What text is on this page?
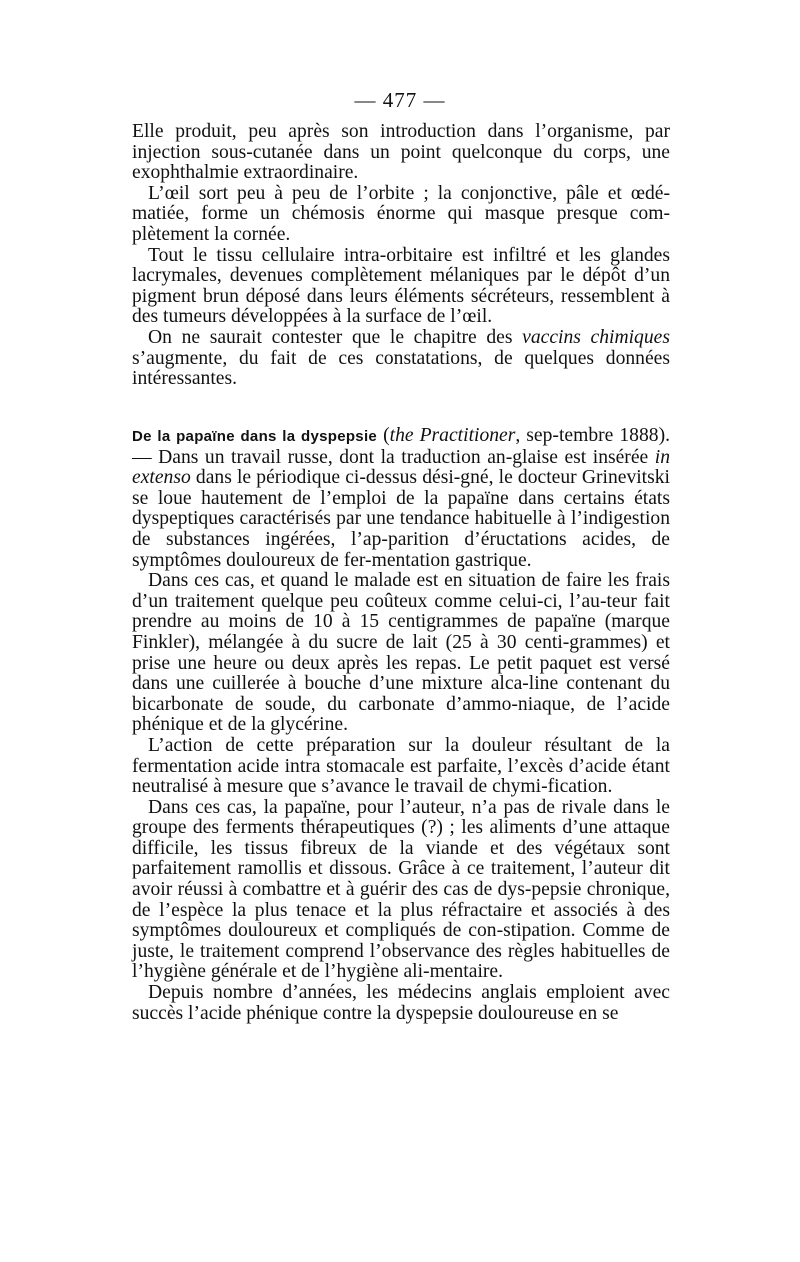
— 477 —

Elle produit, peu après son introduction dans l’organisme, par injection sous-cutanée dans un point quelconque du corps, une exophthalmie extraordinaire.

L’œil sort peu à peu de l’orbite ; la conjonctive, pâle et œdé-matiée, forme un chémosis énorme qui masque presque com-plètement la cornée.

Tout le tissu cellulaire intra-orbitaire est infiltré et les glandes lacrymales, devenues complètement mélaniques par le dépôt d’un pigment brun déposé dans leurs éléments sécréteurs, ressemblent à des tumeurs développées à la surface de l’œil.

On ne saurait contester que le chapitre des vaccins chimiques s’augmente, du fait de ces constatations, de quelques données intéressantes.

De la papaïne dans la dyspepsie (the Practitioner, sep-tembre 1888). — Dans un travail russe, dont la traduction an-glaise est insérée in extenso dans le périodique ci-dessus dési-gné, le docteur Grinevitski se loue hautement de l’emploi de la papaïne dans certains états dyspeptiques caractérisés par une tendance habituelle à l’indigestion de substances ingérées, l’ap-parition d’éructations acides, de symptômes douloureux de fer-mentation gastrique.

Dans ces cas, et quand le malade est en situation de faire les frais d’un traitement quelque peu coûteux comme celui-ci, l’au-teur fait prendre au moins de 10 à 15 centigrammes de papaïne (marque Finkler), mélangée à du sucre de lait (25 à 30 centi-grammes) et prise une heure ou deux après les repas. Le petit paquet est versé dans une cuillerée à bouche d’une mixture alca-line contenant du bicarbonate de soude, du carbonate d’ammo-niaque, de l’acide phénique et de la glycérine.

L’action de cette préparation sur la douleur résultant de la fermentation acide intra stomacale est parfaite, l’excès d’acide étant neutralisé à mesure que s’avance le travail de chymi-fication.

Dans ces cas, la papaïne, pour l’auteur, n’a pas de rivale dans le groupe des ferments thérapeutiques (?) ; les aliments d’une attaque difficile, les tissus fibreux de la viande et des végétaux sont parfaitement ramollis et dissous. Grâce à ce traitement, l’auteur dit avoir réussi à combattre et à guérir des cas de dys-pepsie chronique, de l’espèce la plus tenace et la plus réfractaire et associés à des symptômes douloureux et compliqués de con-stipation. Comme de juste, le traitement comprend l’observance des règles habituelles de l’hygiène générale et de l’hygiène ali-mentaire.

Depuis nombre d’années, les médecins anglais emploient avec succès l’acide phénique contre la dyspepsie douloureuse en se
